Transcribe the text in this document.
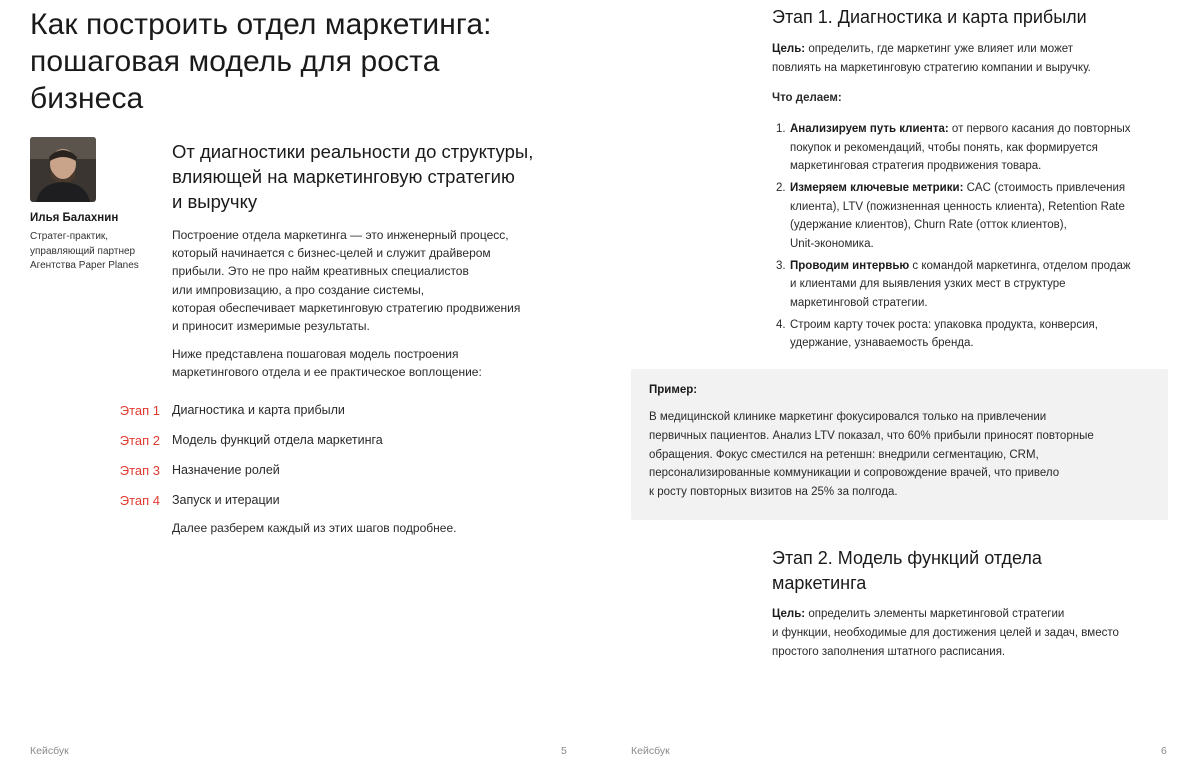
Как построить отдел маркетинга:
пошаговая модель для роста
бизнеса
Илья Балахнин
Стратег-практик,
управляющий партнер
Агентства Paper Planes
От диагностики реальности до структуры,
влияющей на маркетинговую стратегию
и выручку

Построение отдела маркетинга — это инженерный процесс,
который начинается с бизнес-целей и служит драйвером
прибыли. Это не про найм креативных специалистов
или импровизацию, а про создание системы,
которая обеспечивает маркетинговую стратегию продвижения
и приносит измеримые результаты.

Ниже представлена пошаговая модель построения
маркетингового отдела и ее практическое воплощение:

Этап 1 Диагностика и карта прибыли
Этап 2 Модель функций отдела маркетинга
Этап 3 Назначение ролей
Этап 4 Запуск и итерации

Далее разберем каждый из этих шагов подробнее.

Кейсбук	5
Этап 1. Диагностика и карта прибыли

Цель: определить, где маркетинг уже влияет или может
повлиять на маркетинговую стратегию компании и выручку.

Что делаем:

1. Анализируем путь клиента: от первого касания до повторных
покупок и рекомендаций, чтобы понять, как формируется
маркетинговая стратегия продвижения товара.
2. Измеряем ключевые метрики: CAC (стоимость привлечения
клиента), LTV (пожизненная ценность клиента), Retention Rate
(удержание клиентов), Churn Rate (отток клиентов),
Unit-экономика.
3. Проводим интервью с командой маркетинга, отделом продаж
и клиентами для выявления узких мест в структуре
маркетинговой стратегии.
4. Строим карту точек роста: упаковка продукта, конверсия,
удержание, узнаваемость бренда.
Пример:

В медицинской клинике маркетинг фокусировался только на привлечении
первичных пациентов. Анализ LTV показал, что 60% прибыли приносят повторные
обращения. Фокус сместился на ретеншн: внедрили сегментацию, CRM,
персонализированные коммуникации и сопровождение врачей, что привело
к росту повторных визитов на 25% за полгода.

Этап 2. Модель функций отдела
маркетинга

Цель: определить элементы маркетинговой стратегии
и функции, необходимые для достижения целей и задач, вместо
простого заполнения штатного расписания.

Кейсбук	6
